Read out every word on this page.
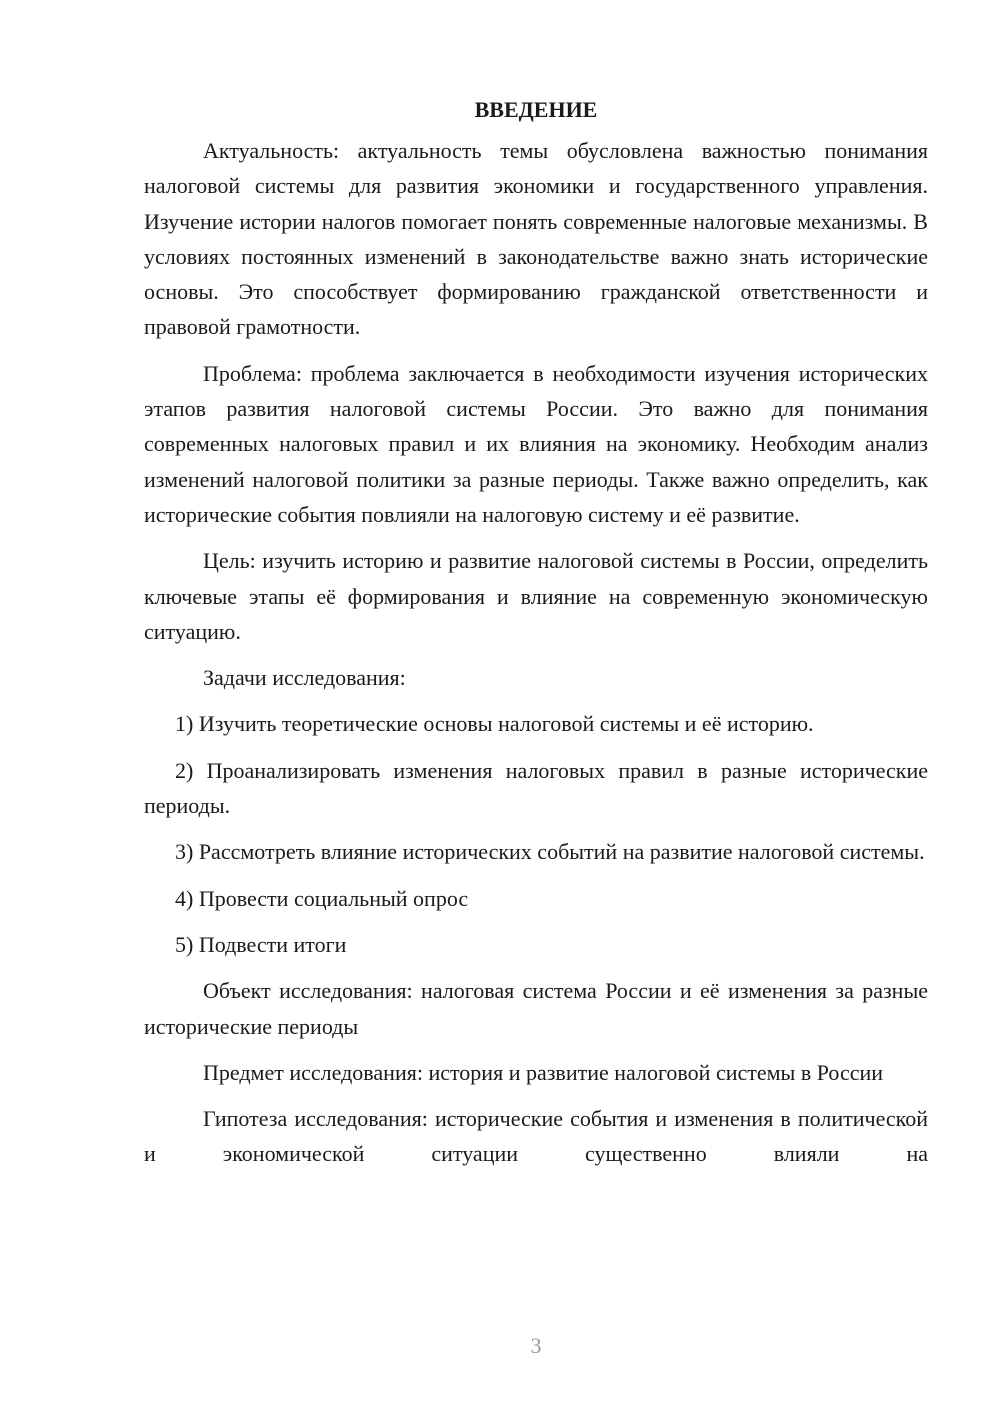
ВВЕДЕНИЕ

Актуальность: актуальность темы обусловлена важностью понимания налоговой системы для развития экономики и государственного управления. Изучение истории налогов помогает понять современные налоговые механизмы. В условиях постоянных изменений в законодательстве важно знать исторические основы. Это способствует формированию гражданской ответственности и правовой грамотности.

Проблема: проблема заключается в необходимости изучения исторических этапов развития налоговой системы России. Это важно для понимания современных налоговых правил и их влияния на экономику. Необходим анализ изменений налоговой политики за разные периоды. Также важно определить, как исторические события повлияли на налоговую систему и её развитие.

Цель: изучить историю и развитие налоговой системы в России, определить ключевые этапы её формирования и влияние на современную экономическую ситуацию.

Задачи исследования:

1) Изучить теоретические основы налоговой системы и её историю.

2) Проанализировать изменения налоговых правил в разные исторические периоды.

3) Рассмотреть влияние исторических событий на развитие налоговой системы.

4) Провести социальный опрос

5) Подвести итоги

Объект исследования: налоговая система России и её изменения за разные исторические периоды

Предмет исследования: история и развитие налоговой системы в России

Гипотеза исследования: исторические события и изменения в политической и экономической ситуации существенно влияли на

3
